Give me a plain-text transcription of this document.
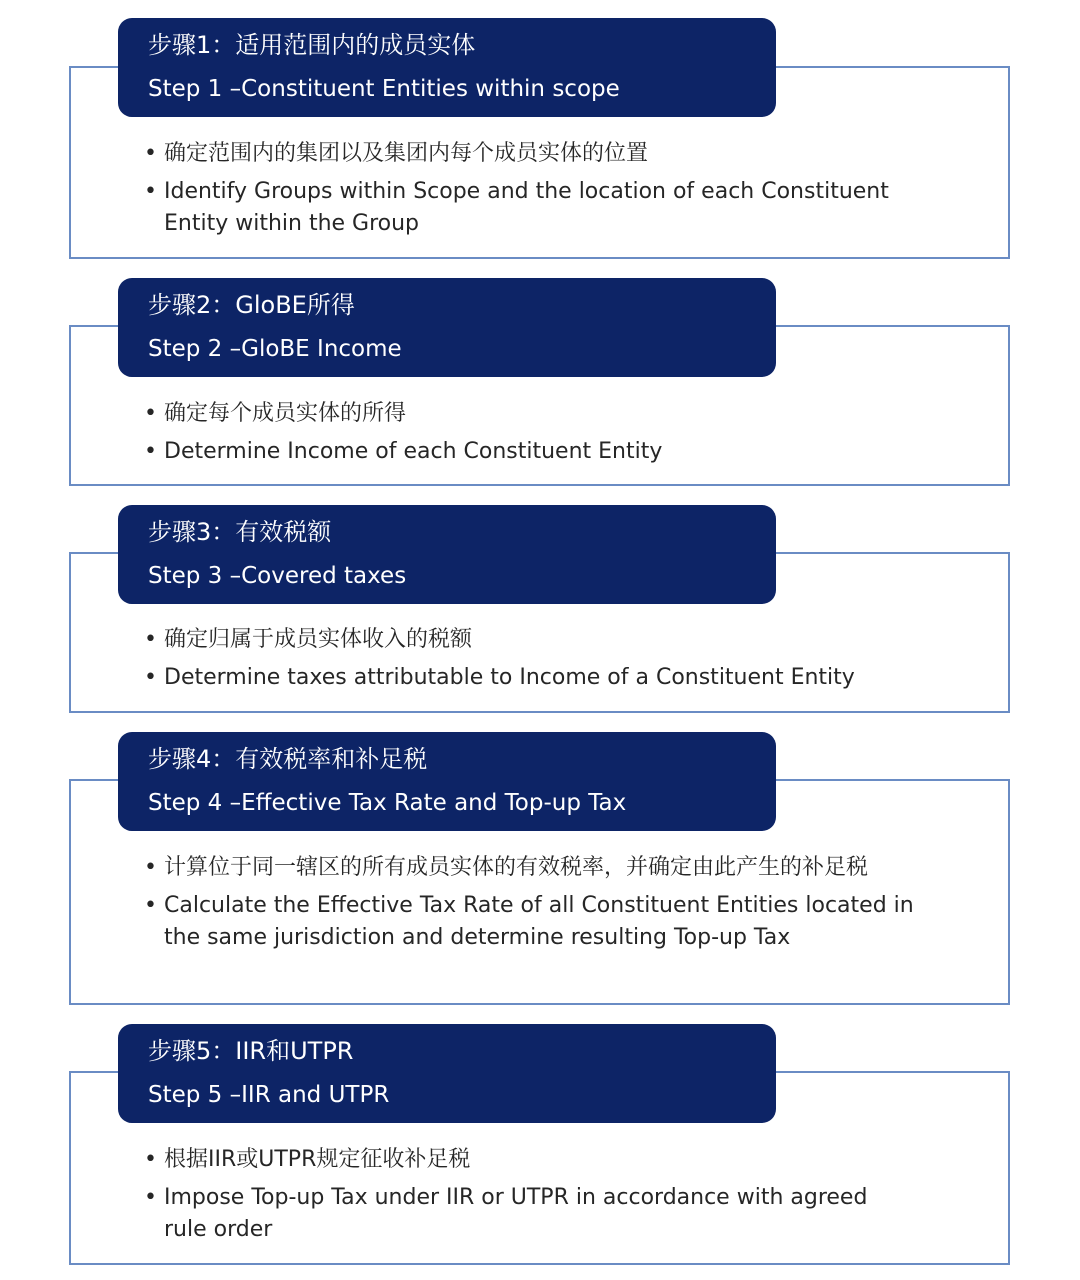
步骤1：适用范围内的成员实体
Step 1 –Constituent Entities within scope
• 确定范围内的集团以及集团内每个成员实体的位置
• Identify Groups within Scope and the location of each Constituent Entity within the Group
步骤2：GloBE所得
Step 2 –GloBE Income
• 确定每个成员实体的所得
• Determine Income of each Constituent Entity
步骤3：有效税额
Step 3 –Covered taxes
• 确定归属于成员实体收入的税额
• Determine taxes attributable to Income of a Constituent Entity
步骤4：有效税率和补足税
Step 4 –Effective Tax Rate and Top-up Tax
• 计算位于同一辖区的所有成员实体的有效税率，并确定由此产生的补足税
• Calculate the Effective Tax Rate of all Constituent Entities located in the same jurisdiction and determine resulting Top-up Tax
步骤5：IIR和UTPR
Step 5 –IIR and UTPR
• 根据IIR或UTPR规定征收补足税
• Impose Top-up Tax under IIR or UTPR in accordance with agreed rule order
